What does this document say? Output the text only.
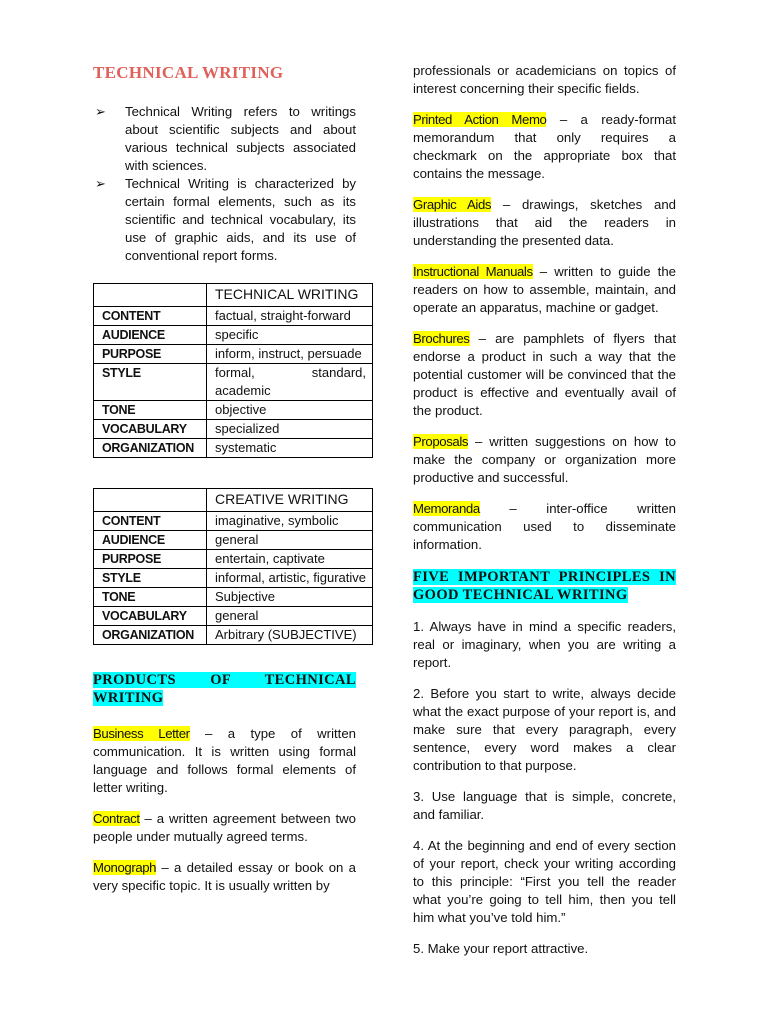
TECHNICAL WRITING
➢ Technical Writing refers to writings about scientific subjects and about various technical subjects associated with sciences.
➢ Technical Writing is characterized by certain formal elements, such as its scientific and technical vocabulary, its use of graphic aids, and its use of conventional report forms.
	TECHNICAL WRITING
CONTENT	factual, straight-forward
AUDIENCE	specific
PURPOSE	inform, instruct, persuade
STYLE	formal, standard, academic
TONE	objective
VOCABULARY	specialized
ORGANIZATION	systematic
	CREATIVE WRITING
CONTENT	imaginative, symbolic
AUDIENCE	general
PURPOSE	entertain, captivate
STYLE	informal, artistic, figurative
TONE	Subjective
VOCABULARY	general
ORGANIZATION	Arbitrary (SUBJECTIVE)
PRODUCTS OF TECHNICAL WRITING

Business Letter – a type of written communication. It is written using formal language and follows formal elements of letter writing.

Contract – a written agreement between two people under mutually agreed terms.

Monograph – a detailed essay or book on a very specific topic. It is usually written by

professionals or academicians on topics of interest concerning their specific fields.

Printed Action Memo – a ready-format memorandum that only requires a checkmark on the appropriate box that contains the message.

Graphic Aids – drawings, sketches and illustrations that aid the readers in understanding the presented data.

Instructional Manuals – written to guide the readers on how to assemble, maintain, and operate an apparatus, machine or gadget.

Brochures – are pamphlets of flyers that endorse a product in such a way that the potential customer will be convinced that the product is effective and eventually avail of the product.

Proposals – written suggestions on how to make the company or organization more productive and successful.

Memoranda – inter-office written communication used to disseminate information.

FIVE IMPORTANT PRINCIPLES IN GOOD TECHNICAL WRITING

1. Always have in mind a specific readers, real or imaginary, when you are writing a report.

2. Before you start to write, always decide what the exact purpose of your report is, and make sure that every paragraph, every sentence, every word makes a clear contribution to that purpose.

3. Use language that is simple, concrete, and familiar.

4. At the beginning and end of every section of your report, check your writing according to this principle: “First you tell the reader what you’re going to tell him, then you tell him what you’ve told him.”

5. Make your report attractive.
